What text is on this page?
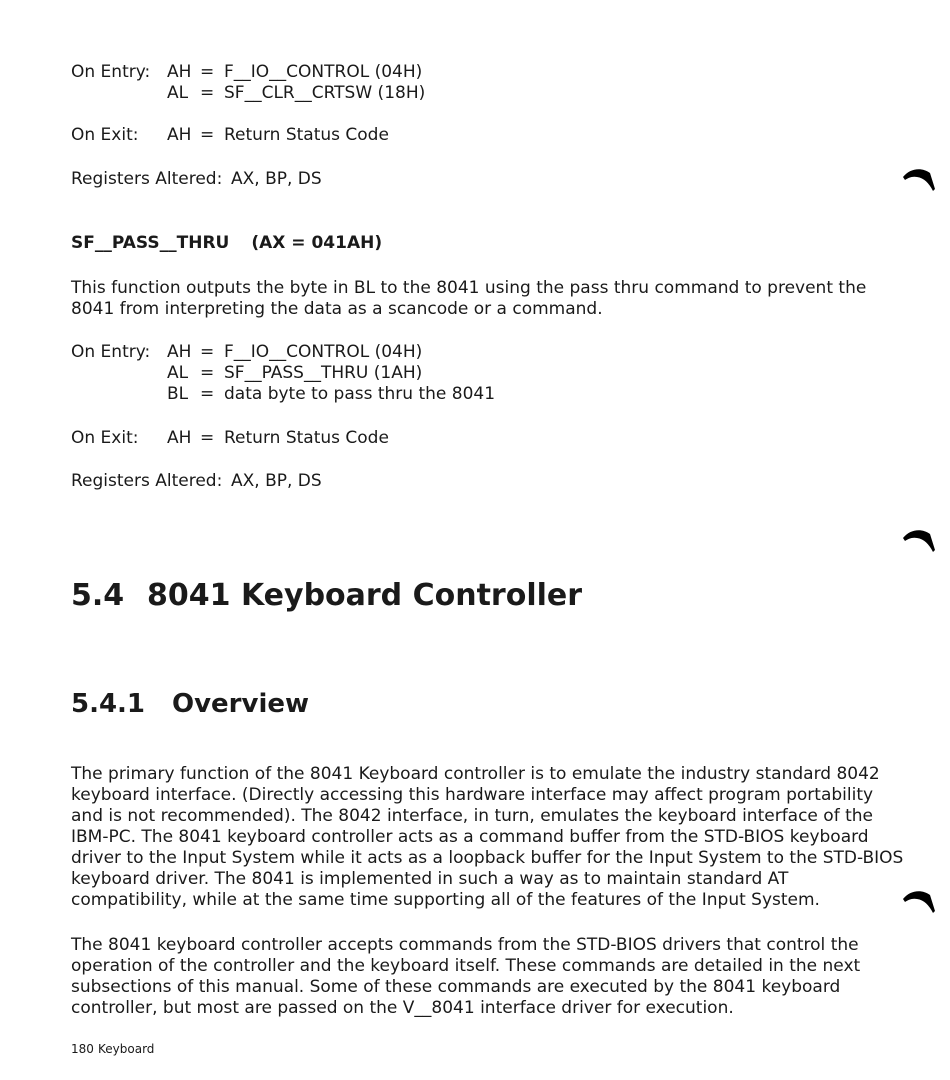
On Entry: AH = F__IO__CONTROL (04H)
AL = SF__CLR__CRTSW (18H)
On Exit: AH = Return Status Code
Registers Altered: AX, BP, DS
SF__PASS__THRU (AX = 041AH)
This function outputs the byte in BL to the 8041 using the pass thru command to prevent the
8041 from interpreting the data as a scancode or a command.
On Entry: AH = F__IO__CONTROL (04H)
AL = SF__PASS__THRU (1AH)
BL = data byte to pass thru the 8041
On Exit: AH = Return Status Code
Registers Altered: AX, BP, DS
5.4 8041 Keyboard Controller
5.4.1 Overview
The primary function of the 8041 Keyboard controller is to emulate the industry standard 8042
keyboard interface. (Directly accessing this hardware interface may affect program portability
and is not recommended). The 8042 interface, in turn, emulates the keyboard interface of the
IBM-PC. The 8041 keyboard controller acts as a command buffer from the STD-BIOS keyboard
driver to the Input System while it acts as a loopback buffer for the Input System to the STD-BIOS
keyboard driver. The 8041 is implemented in such a way as to maintain standard AT
compatibility, while at the same time supporting all of the features of the Input System.
The 8041 keyboard controller accepts commands from the STD-BIOS drivers that control the
operation of the controller and the keyboard itself. These commands are detailed in the next
subsections of this manual. Some of these commands are executed by the 8041 keyboard
controller, but most are passed on the V__8041 interface driver for execution.
180 Keyboard
